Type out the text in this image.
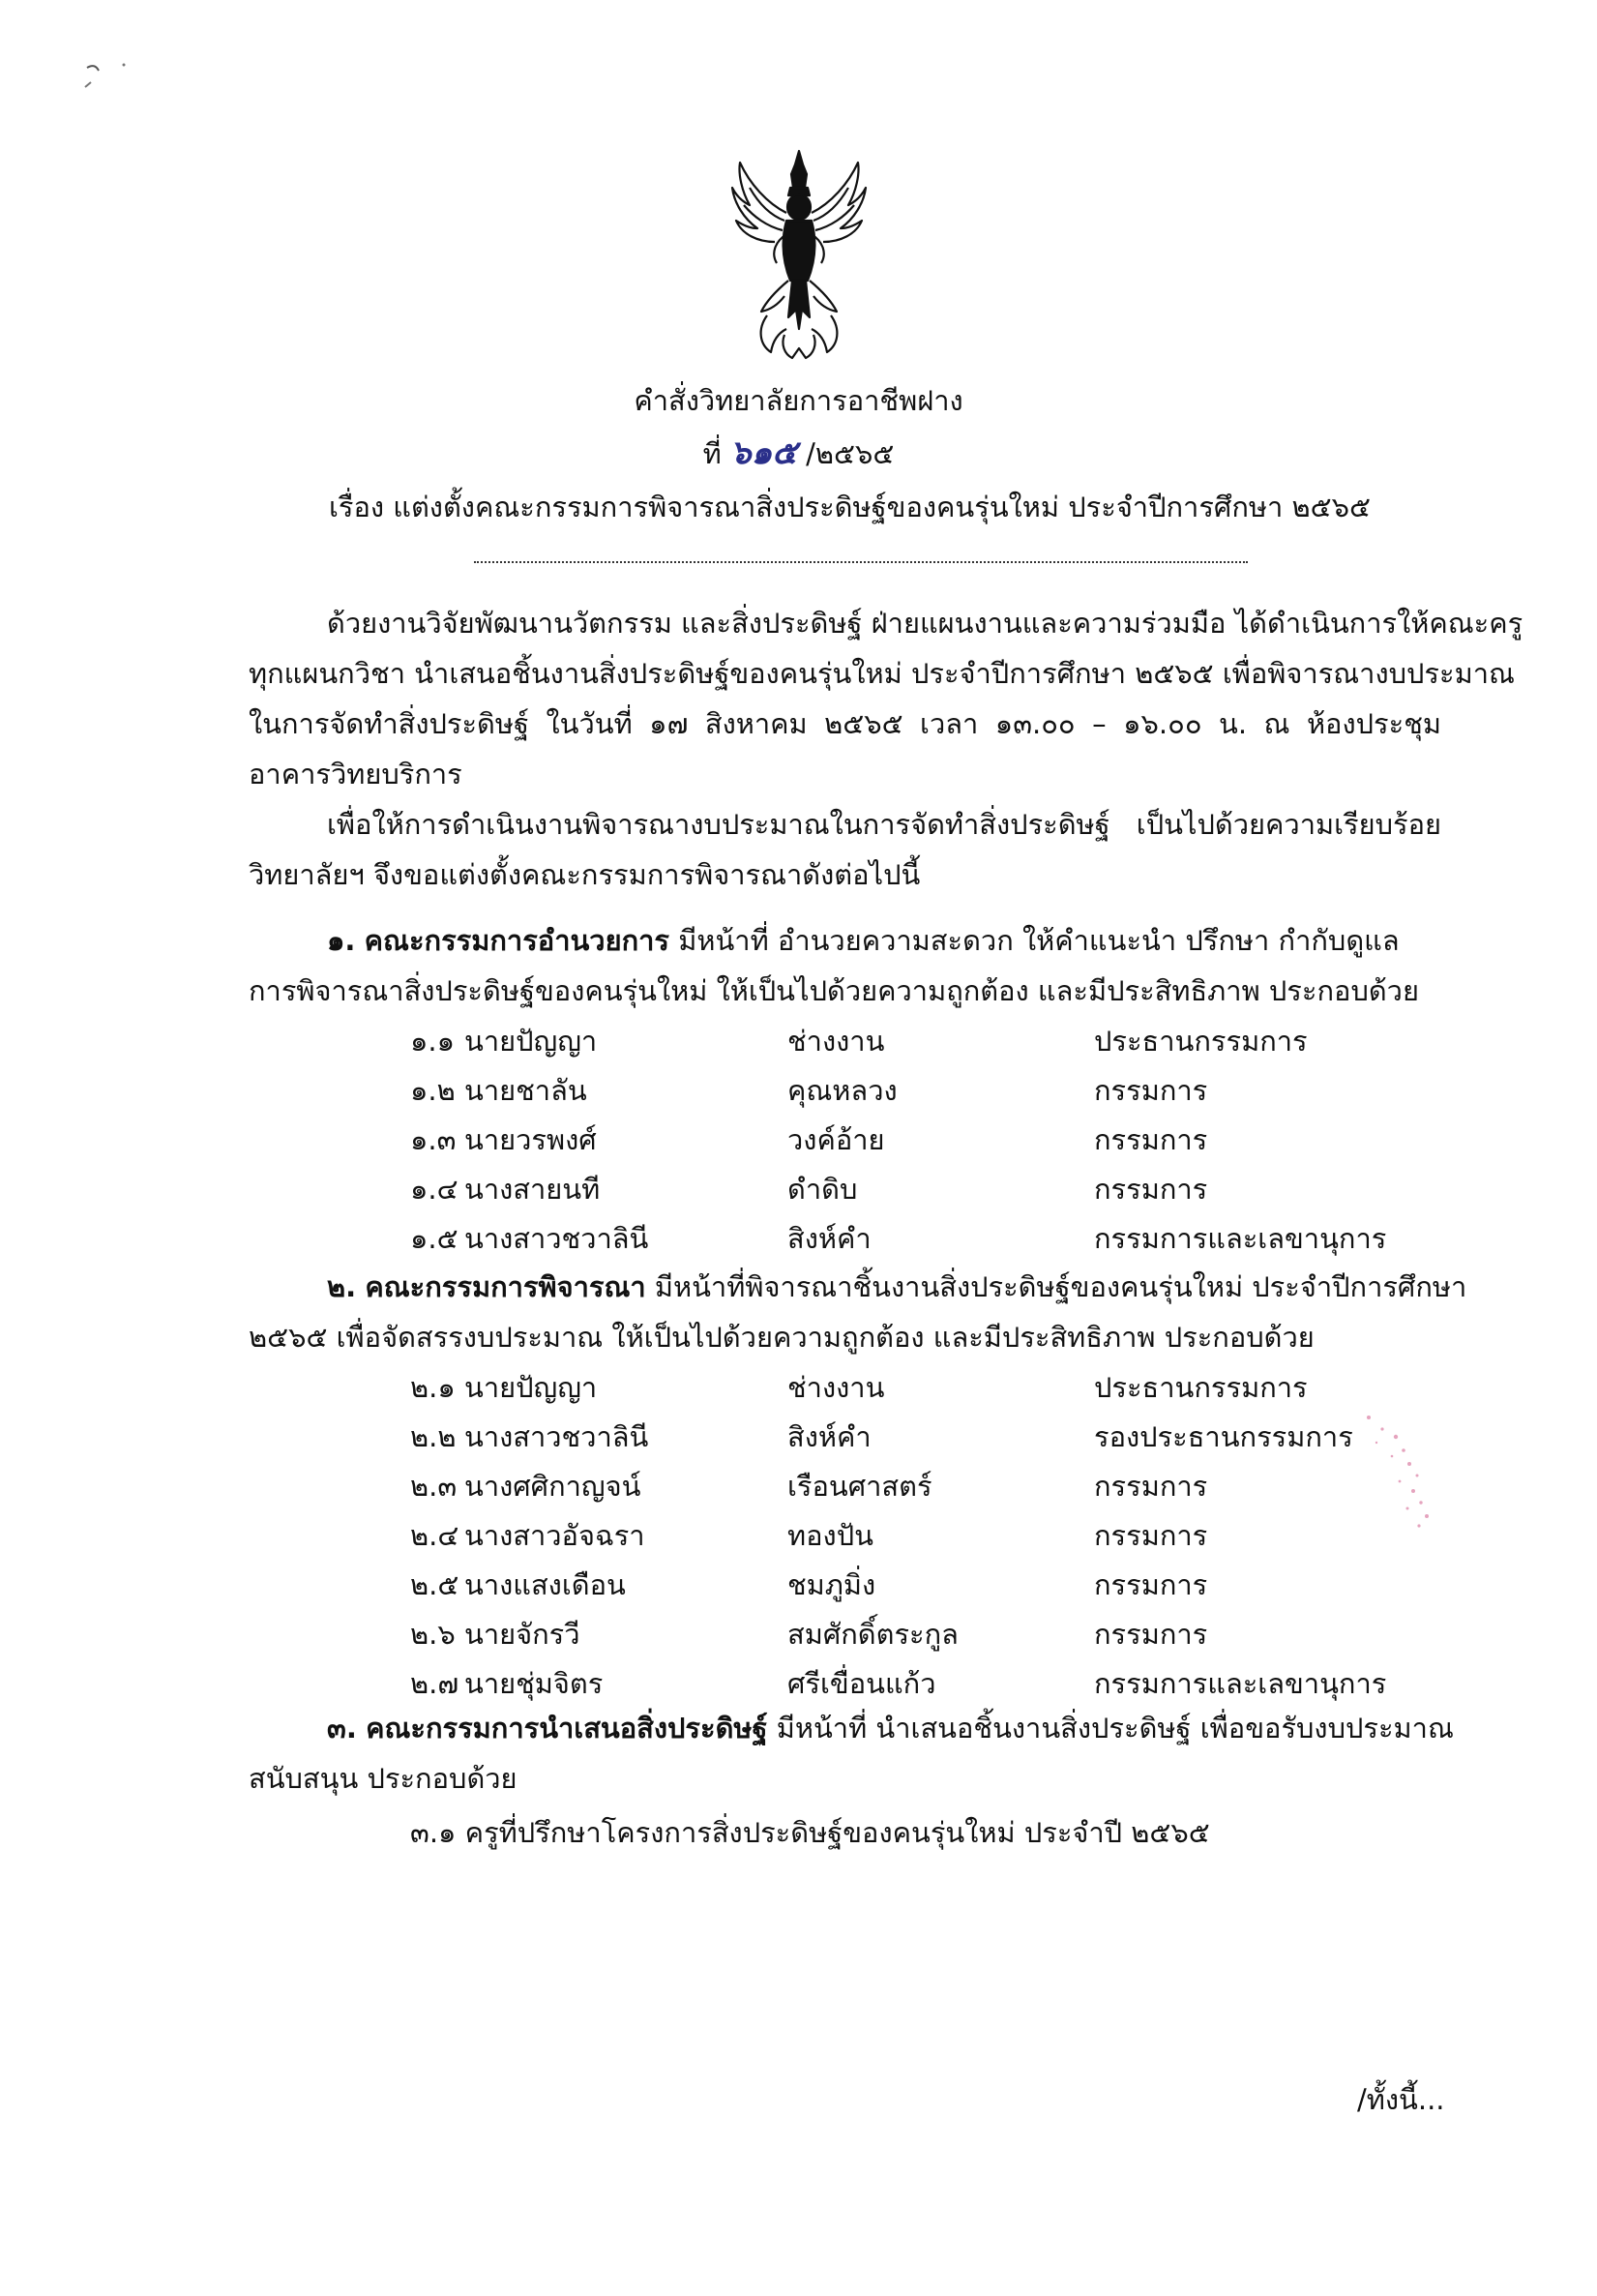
คำสั่งวิทยาลัยการอาชีพฝาง
ที่ ๖๑๕ /๒๕๖๕
เรื่อง แต่งตั้งคณะกรรมการพิจารณาสิ่งประดิษฐ์ของคนรุ่นใหม่ ประจำปีการศึกษา ๒๕๖๕
ด้วยงานวิจัยพัฒนานวัตกรรม และสิ่งประดิษฐ์ ฝ่ายแผนงานและความร่วมมือ ได้ดำเนินการให้คณะครู
ทุกแผนกวิชา นำเสนอชิ้นงานสิ่งประดิษฐ์ของคนรุ่นใหม่ ประจำปีการศึกษา ๒๕๖๕ เพื่อพิจารณางบประมาณ
ในการจัดทำสิ่งประดิษฐ์ ในวันที่ ๑๗ สิงหาคม ๒๕๖๕ เวลา ๑๓.๐๐ – ๑๖.๐๐ น. ณ ห้องประชุม
อาคารวิทยบริการ
เพื่อให้การดำเนินงานพิจารณางบประมาณในการจัดทำสิ่งประดิษฐ์ เป็นไปด้วยความเรียบร้อย
วิทยาลัยฯ จึงขอแต่งตั้งคณะกรรมการพิจารณาดังต่อไปนี้
๑. คณะกรรมการอำนวยการ มีหน้าที่ อำนวยความสะดวก ให้คำแนะนำ ปรึกษา กำกับดูแล
การพิจารณาสิ่งประดิษฐ์ของคนรุ่นใหม่ ให้เป็นไปด้วยความถูกต้อง และมีประสิทธิภาพ ประกอบด้วย
๑.๑ นายปัญญา	ช่างงาน	ประธานกรรมการ
๑.๒ นายชาลัน	คุณหลวง	กรรมการ
๑.๓ นายวรพงศ์	วงค์อ้าย	กรรมการ
๑.๔ นางสายนที	ดำดิบ	กรรมการ
๑.๕ นางสาวชวาลินี	สิงห์คำ	กรรมการและเลขานุการ
๒. คณะกรรมการพิจารณา มีหน้าที่พิจารณาชิ้นงานสิ่งประดิษฐ์ของคนรุ่นใหม่ ประจำปีการศึกษา
๒๕๖๕ เพื่อจัดสรรงบประมาณ ให้เป็นไปด้วยความถูกต้อง และมีประสิทธิภาพ ประกอบด้วย
๒.๑ นายปัญญา	ช่างงาน	ประธานกรรมการ
๒.๒ นางสาวชวาลินี	สิงห์คำ	รองประธานกรรมการ
๒.๓ นางศศิกาญจน์	เรือนศาสตร์	กรรมการ
๒.๔ นางสาวอัจฉรา	ทองปัน	กรรมการ
๒.๕ นางแสงเดือน	ชมภูมิ่ง	กรรมการ
๒.๖ นายจักรวี	สมศักดิ์ตระกูล	กรรมการ
๒.๗ นายชุ่มจิตร	ศรีเขื่อนแก้ว	กรรมการและเลขานุการ
๓. คณะกรรมการนำเสนอสิ่งประดิษฐ์ มีหน้าที่ นำเสนอชิ้นงานสิ่งประดิษฐ์ เพื่อขอรับงบประมาณ
สนับสนุน ประกอบด้วย
๓.๑ ครูที่ปรึกษาโครงการสิ่งประดิษฐ์ของคนรุ่นใหม่ ประจำปี ๒๕๖๕
/ทั้งนี้...
